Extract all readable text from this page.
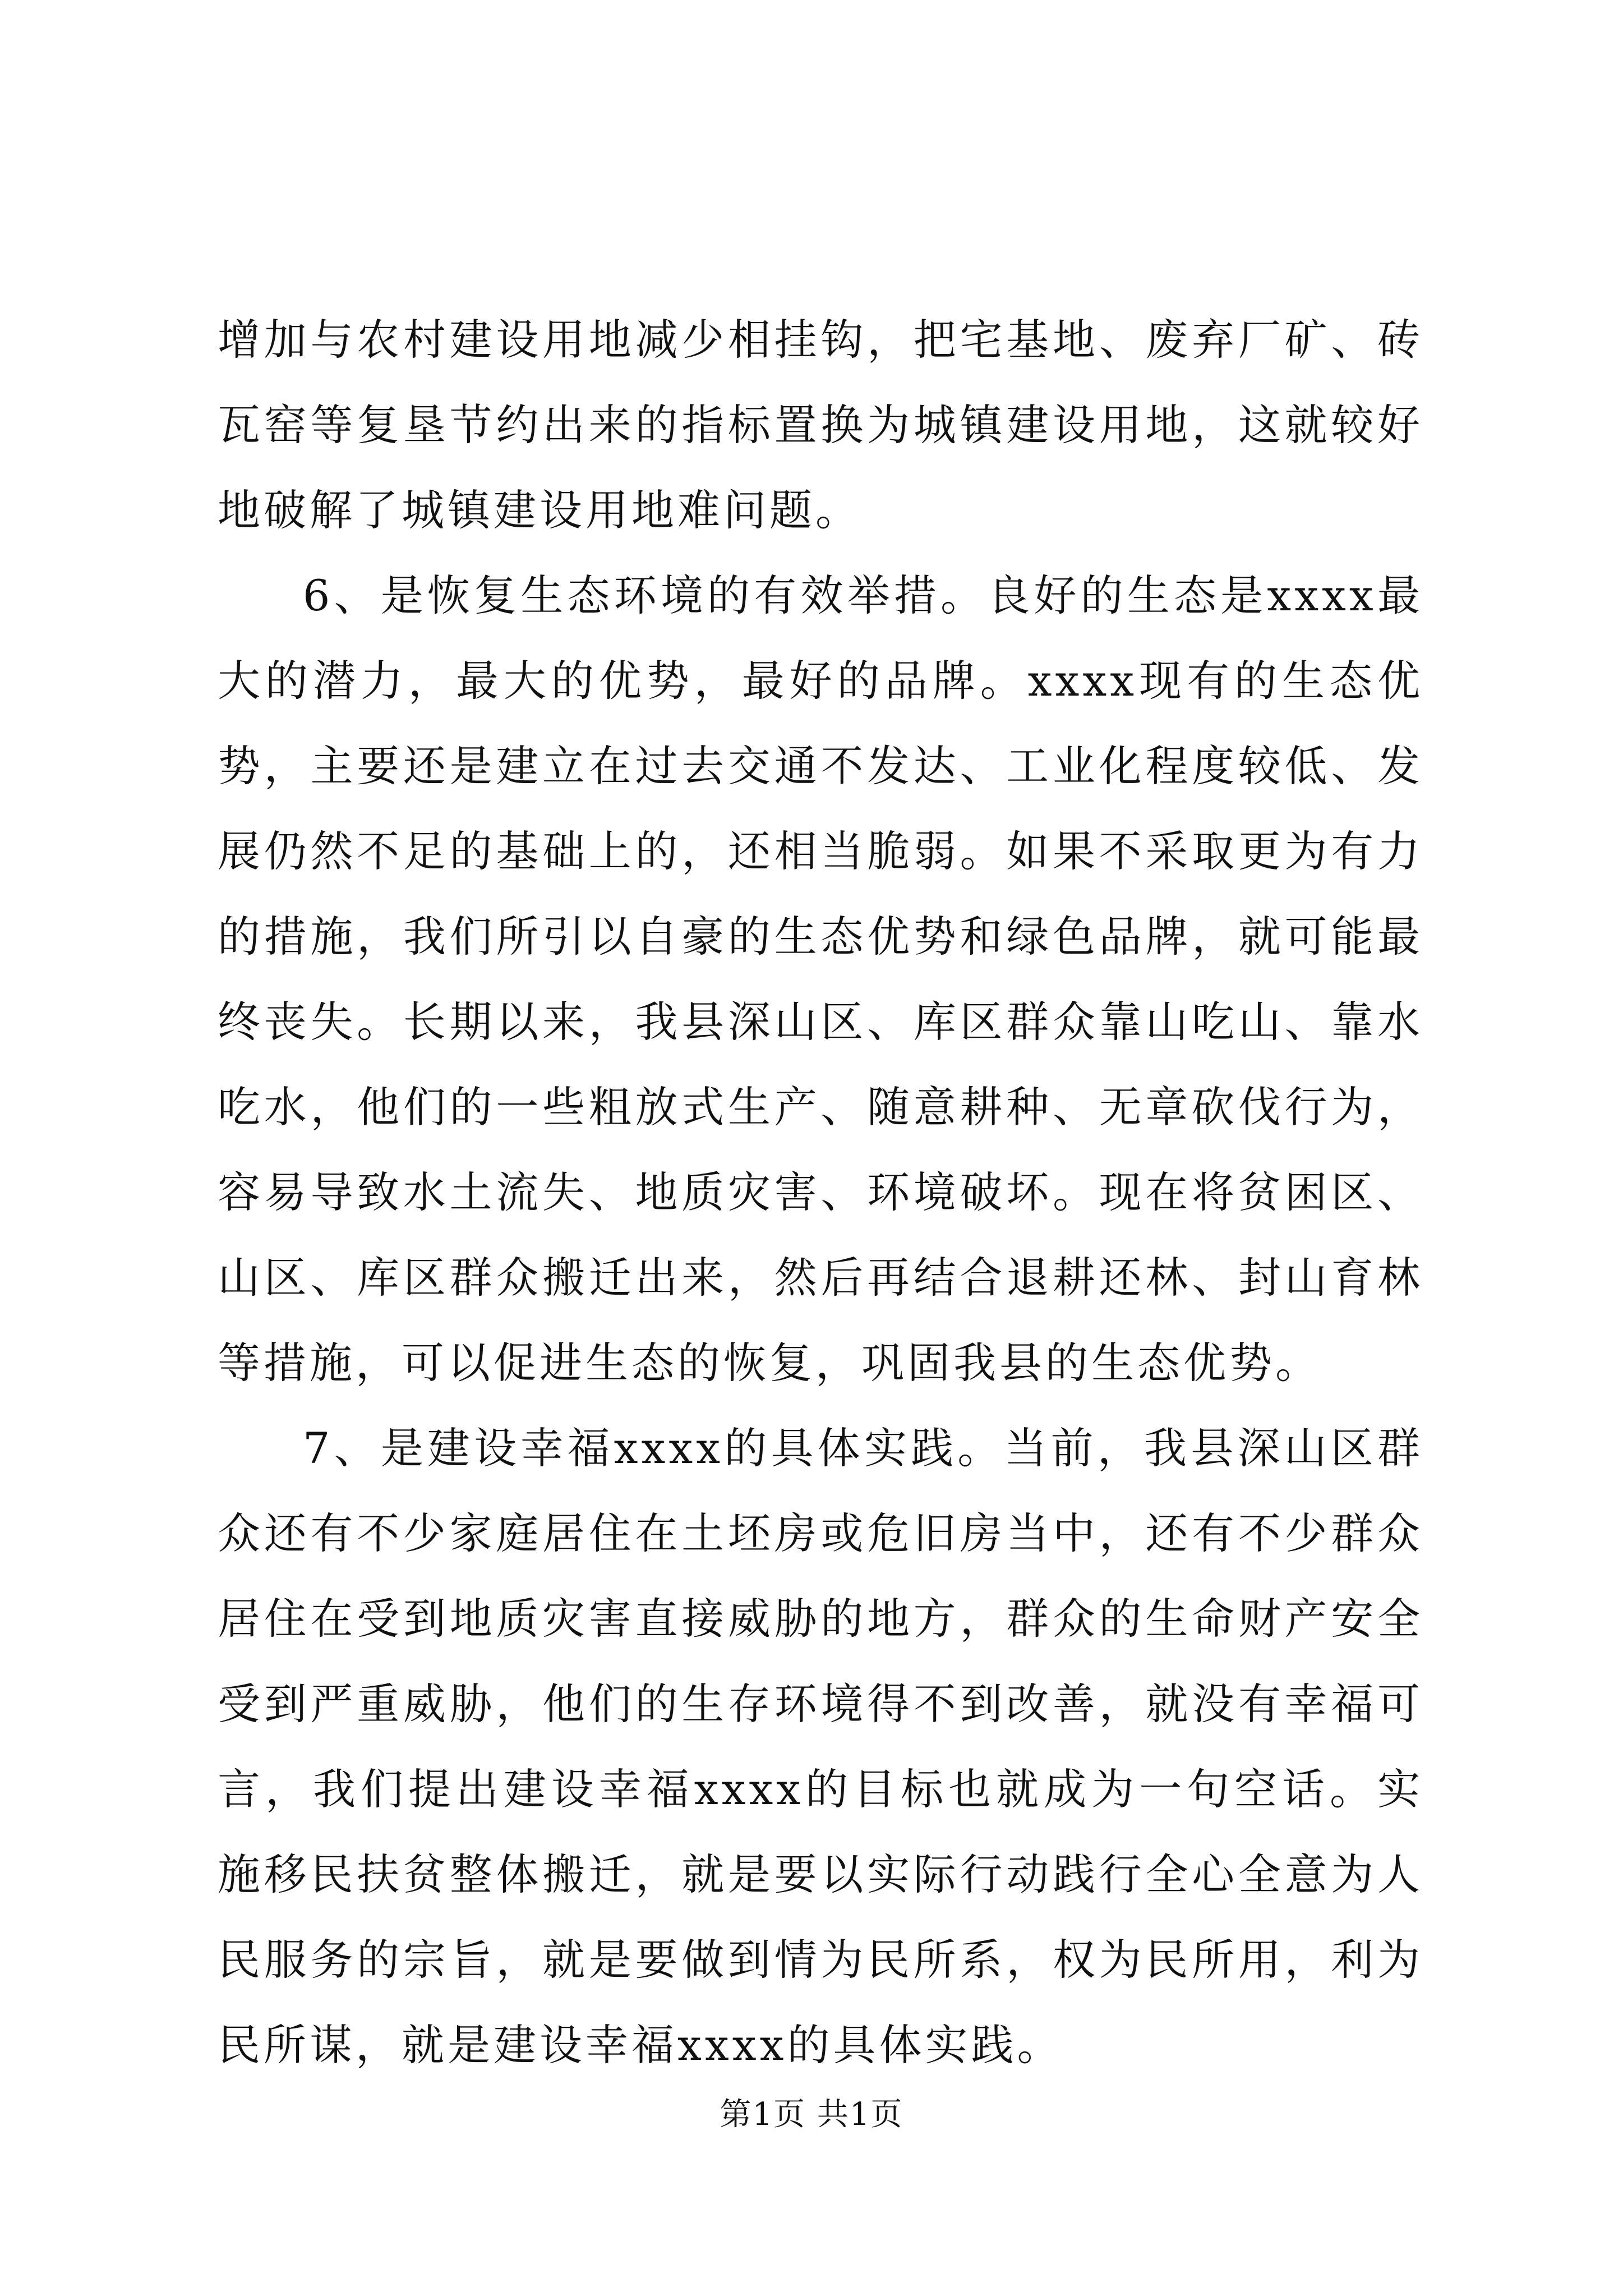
增加与农村建设用地减少相挂钩，把宅基地、废弃厂矿、砖瓦窑等复垦节约出来的指标置换为城镇建设用地，这就较好地破解了城镇建设用地难问题。

6、是恢复生态环境的有效举措。良好的生态是xxxx最大的潜力，最大的优势，最好的品牌。xxxx现有的生态优势，主要还是建立在过去交通不发达、工业化程度较低、发展仍然不足的基础上的，还相当脆弱。如果不采取更为有力的措施，我们所引以自豪的生态优势和绿色品牌，就可能最终丧失。长期以来，我县深山区、库区群众靠山吃山、靠水吃水，他们的一些粗放式生产、随意耕种、无章砍伐行为，容易导致水土流失、地质灾害、环境破坏。现在将贫困区、山区、库区群众搬迁出来，然后再结合退耕还林、封山育林等措施，可以促进生态的恢复，巩固我县的生态优势。

7、是建设幸福xxxx的具体实践。当前，我县深山区群众还有不少家庭居住在土坯房或危旧房当中，还有不少群众居住在受到地质灾害直接威胁的地方，群众的生命财产安全受到严重威胁，他们的生存环境得不到改善，就没有幸福可言，我们提出建设幸福xxxx的目标也就成为一句空话。实施移民扶贫整体搬迁，就是要以实际行动践行全心全意为人民服务的宗旨，就是要做到情为民所系，权为民所用，利为民所谋，就是建设幸福xxxx的具体实践。

第1页 共1页
